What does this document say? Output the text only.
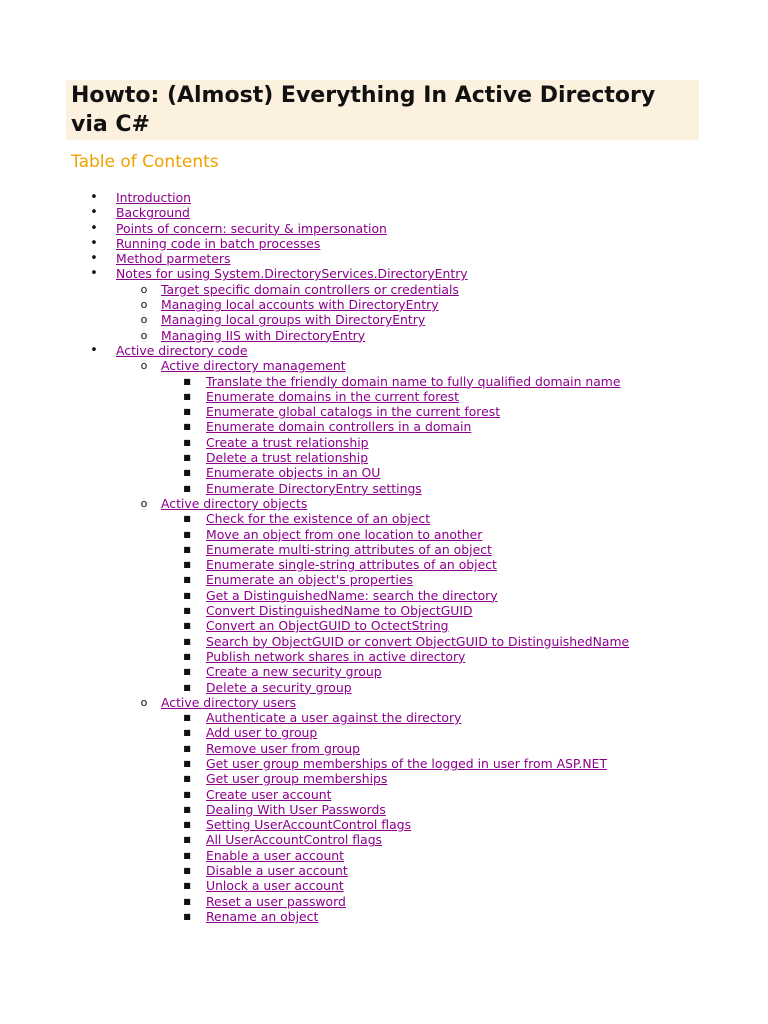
Howto: (Almost) Everything In Active Directory via C#
Table of Contents
• Introduction
• Background
• Points of concern: security & impersonation
• Running code in batch processes
• Method parmeters
• Notes for using System.DirectoryServices.DirectoryEntry
o Target specific domain controllers or credentials
o Managing local accounts with DirectoryEntry
o Managing local groups with DirectoryEntry
o Managing IIS with DirectoryEntry
• Active directory code
o Active directory management
■ Translate the friendly domain name to fully qualified domain name
■ Enumerate domains in the current forest
■ Enumerate global catalogs in the current forest
■ Enumerate domain controllers in a domain
■ Create a trust relationship
■ Delete a trust relationship
■ Enumerate objects in an OU
■ Enumerate DirectoryEntry settings
o Active directory objects
■ Check for the existence of an object
■ Move an object from one location to another
■ Enumerate multi-string attributes of an object
■ Enumerate single-string attributes of an object
■ Enumerate an object's properties
■ Get a DistinguishedName: search the directory
■ Convert DistinguishedName to ObjectGUID
■ Convert an ObjectGUID to OctectString
■ Search by ObjectGUID or convert ObjectGUID to DistinguishedName
■ Publish network shares in active directory
■ Create a new security group
■ Delete a security group
o Active directory users
■ Authenticate a user against the directory
■ Add user to group
■ Remove user from group
■ Get user group memberships of the logged in user from ASP.NET
■ Get user group memberships
■ Create user account
■ Dealing With User Passwords
■ Setting UserAccountControl flags
■ All UserAccountControl flags
■ Enable a user account
■ Disable a user account
■ Unlock a user account
■ Reset a user password
■ Rename an object
